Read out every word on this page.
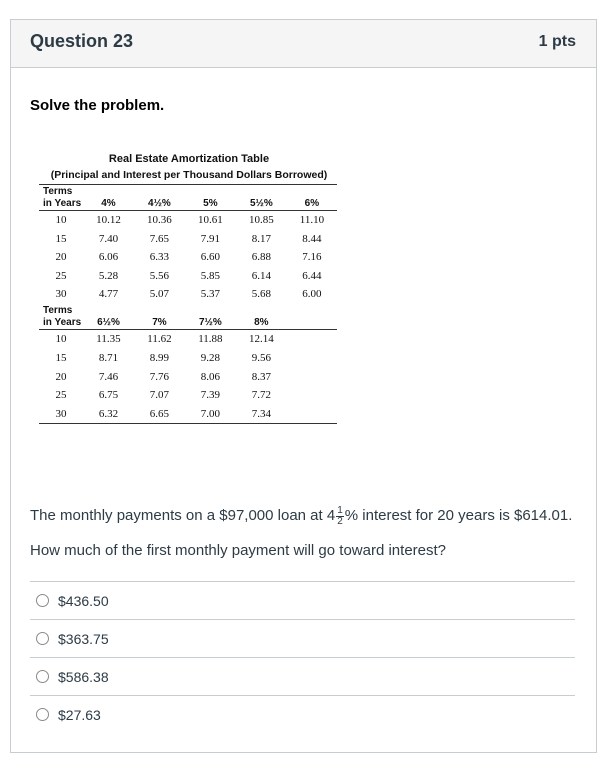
Question 23	1 pts
Solve the problem.
Real Estate Amortization Table
(Principal and Interest per Thousand Dollars Borrowed)
Terms
in Years	4%	4½%	5%	5½%	6%
10	10.12	10.36	10.61	10.85	11.10
15	7.40	7.65	7.91	8.17	8.44
20	6.06	6.33	6.60	6.88	7.16
25	5.28	5.56	5.85	6.14	6.44
30	4.77	5.07	5.37	5.68	6.00
Terms
in Years	6½%	7%	7½%	8%	
10	11.35	11.62	11.88	12.14	
15	8.71	8.99	9.28	9.56	
20	7.46	7.76	8.06	8.37	
25	6.75	7.07	7.39	7.72	
30	6.32	6.65	7.00	7.34	
The monthly payments on a $97,000 loan at $4 \frac{1}{2}$ % interest for 20 years is $614.01. How much of the first monthly payment will go toward interest?
$436.50
$363.75
$586.38
$27.63
